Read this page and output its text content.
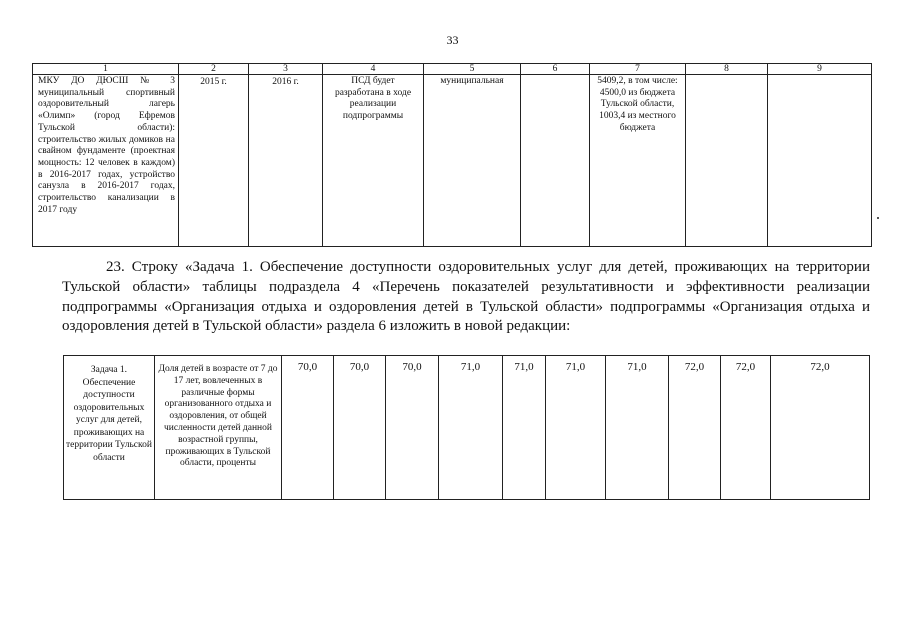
33
1	2	3	4	5	6	7	8	9
МКУ ДО ДЮСШ № 3 муниципальный спортивный оздоровительный лагерь «Олимп» (город Ефремов Тульской области): строительство жилых домиков на свайном фундаменте (проектная мощность: 12 человек в каждом) в 2016-2017 годах, устройство санузла в 2016-2017 годах, строительство канализации в 2017 году	2015 г.	2016 г.	ПСД будет разработана в ходе реализации подпрограммы	муниципальная		5409,2, в том числе: 4500,0 из бюджета Тульской области, 1003,4 из местного бюджета		

23. Строку «Задача 1. Обеспечение доступности оздоровительных услуг для детей, проживающих на территории Тульской области» таблицы подраздела 4 «Перечень показателей результативности и эффективности реализации подпрограммы «Организация отдыха и оздоровления детей в Тульской области» подпрограммы «Организация отдыха и оздоровления детей в Тульской области» раздела 6 изложить в новой редакции:

Задача 1. Обеспечение доступности оздоровительных услуг для детей, проживающих на территории Тульской области	Доля детей в возрасте от 7 до 17 лет, вовлеченных в различные формы организованного отдыха и оздоровления, от общей численности детей данной возрастной группы, проживающих в Тульской области, проценты	70,0	70,0	70,0	71,0	71,0	71,0	71,0	72,0	72,0	72,0
